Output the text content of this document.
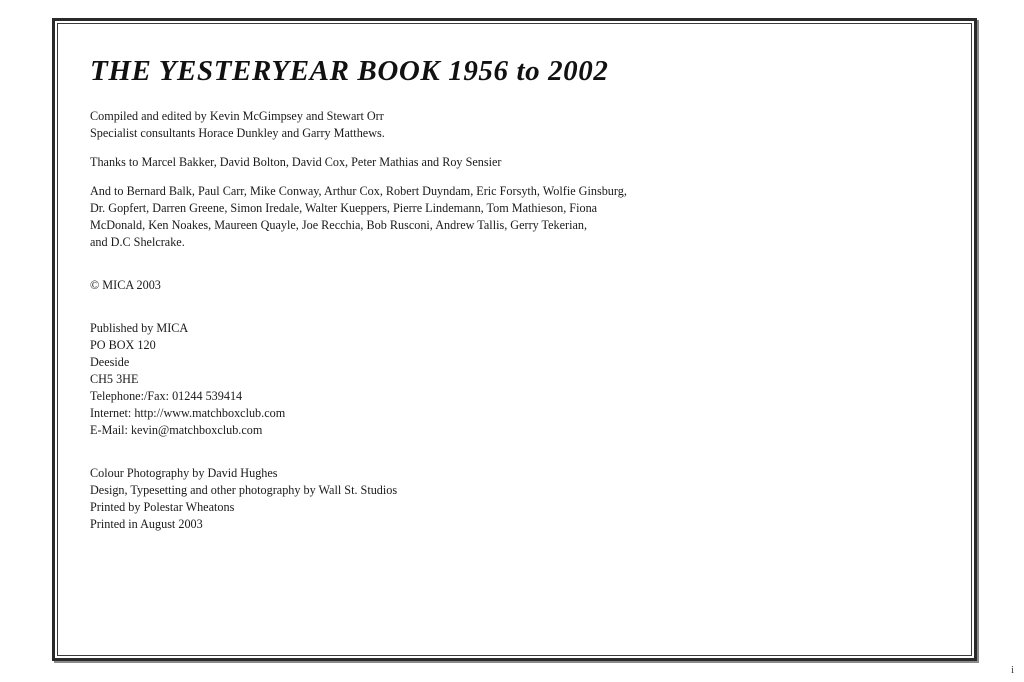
THE YESTERYEAR BOOK 1956 to 2002
Compiled and edited by Kevin McGimpsey and Stewart Orr
Specialist consultants Horace Dunkley and Garry Matthews.
Thanks to Marcel Bakker, David Bolton, David Cox, Peter Mathias and Roy Sensier
And to Bernard Balk, Paul Carr, Mike Conway, Arthur Cox, Robert Duyndam, Eric Forsyth, Wolfie Ginsburg,
Dr. Gopfert, Darren Greene, Simon Iredale, Walter Kueppers, Pierre Lindemann, Tom Mathieson, Fiona
McDonald, Ken Noakes, Maureen Quayle, Joe Recchia, Bob Rusconi, Andrew Tallis, Gerry Tekerian,
and D.C Shelcrake.
© MICA 2003
Published by MICA
PO BOX 120
Deeside
CH5 3HE
Telephone:/Fax: 01244 539414
Internet: http://www.matchboxclub.com
E-Mail: kevin@matchboxclub.com
Colour Photography by David Hughes
Design, Typesetting and other photography by Wall St. Studios
Printed by Polestar Wheatons
Printed in August 2003
i
